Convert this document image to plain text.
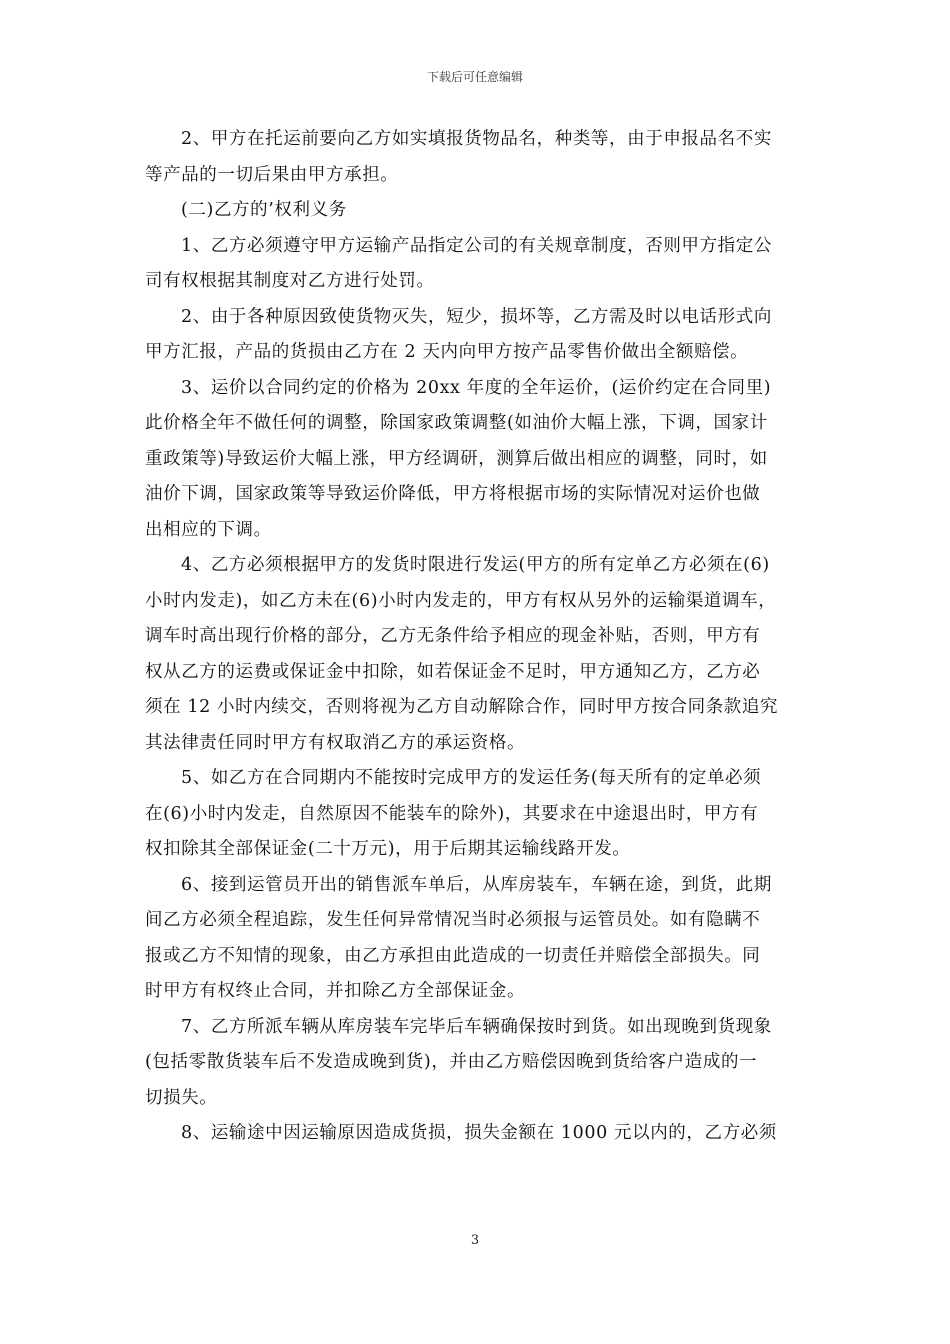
下载后可任意编辑

2、甲方在托运前要向乙方如实填报货物品名，种类等，由于申报品名不实
等产品的一切后果由甲方承担。

(二)乙方的’权利义务

1、乙方必须遵守甲方运输产品指定公司的有关规章制度，否则甲方指定公
司有权根据其制度对乙方进行处罚。

2、由于各种原因致使货物灭失，短少，损坏等，乙方需及时以电话形式向
甲方汇报，产品的货损由乙方在 2 天内向甲方按产品零售价做出全额赔偿。

3、运价以合同约定的价格为 20xx 年度的全年运价，(运价约定在合同里)
此价格全年不做任何的调整，除国家政策调整(如油价大幅上涨，下调，国家计
重政策等)导致运价大幅上涨，甲方经调研，测算后做出相应的调整，同时，如
油价下调，国家政策等导致运价降低，甲方将根据市场的实际情况对运价也做
出相应的下调。

4、乙方必须根据甲方的发货时限进行发运(甲方的所有定单乙方必须在(6)
小时内发走)，如乙方未在(6)小时内发走的，甲方有权从另外的运输渠道调车，
调车时高出现行价格的部分，乙方无条件给予相应的现金补贴，否则，甲方有
权从乙方的运费或保证金中扣除，如若保证金不足时，甲方通知乙方，乙方必
须在 12 小时内续交，否则将视为乙方自动解除合作，同时甲方按合同条款追究
其法律责任同时甲方有权取消乙方的承运资格。

5、如乙方在合同期内不能按时完成甲方的发运任务(每天所有的定单必须
在(6)小时内发走，自然原因不能装车的除外)，其要求在中途退出时，甲方有
权扣除其全部保证金(二十万元)，用于后期其运输线路开发。

6、接到运管员开出的销售派车单后，从库房装车，车辆在途，到货，此期
间乙方必须全程追踪，发生任何异常情况当时必须报与运管员处。如有隐瞒不
报或乙方不知情的现象，由乙方承担由此造成的一切责任并赔偿全部损失。同
时甲方有权终止合同，并扣除乙方全部保证金。

7、乙方所派车辆从库房装车完毕后车辆确保按时到货。如出现晚到货现象
(包括零散货装车后不发造成晚到货)，并由乙方赔偿因晚到货给客户造成的一
切损失。

8、运输途中因运输原因造成货损，损失金额在 1000 元以内的，乙方必须

3
